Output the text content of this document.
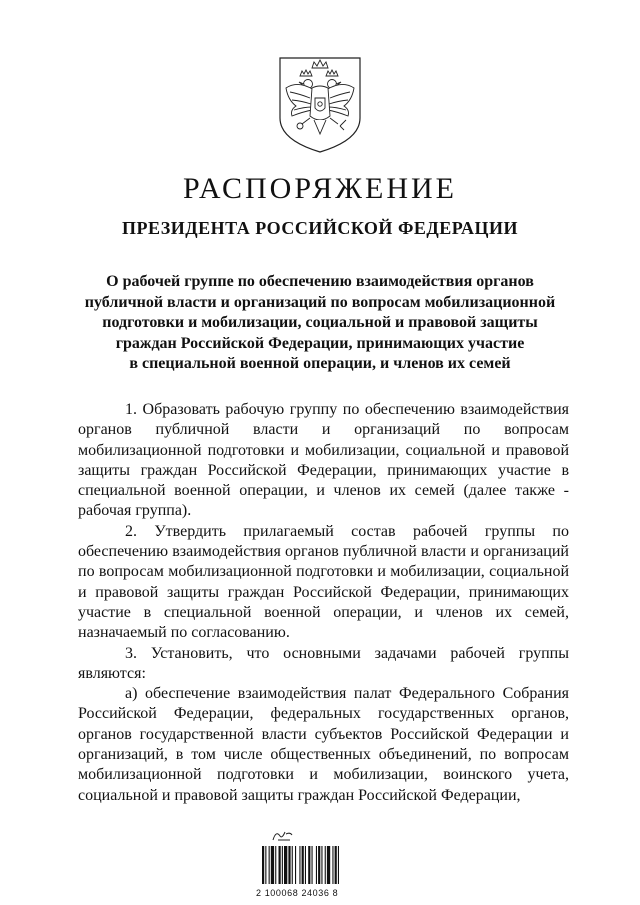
РАСПОРЯЖЕНИЕ
ПРЕЗИДЕНТА РОССИЙСКОЙ ФЕДЕРАЦИИ
О рабочей группе по обеспечению взаимодействия органов
публичной власти и организаций по вопросам мобилизационной
подготовки и мобилизации, социальной и правовой защиты
граждан Российской Федерации, принимающих участие
в специальной военной операции, и членов их семей

1. Образовать рабочую группу по обеспечению взаимодействия органов публичной власти и организаций по вопросам мобилизационной подготовки и мобилизации, социальной и правовой защиты граждан Российской Федерации, принимающих участие в специальной военной операции, и членов их семей (далее также - рабочая группа).

2. Утвердить прилагаемый состав рабочей группы по обеспечению взаимодействия органов публичной власти и организаций по вопросам мобилизационной подготовки и мобилизации, социальной и правовой защиты граждан Российской Федерации, принимающих участие в специальной военной операции, и членов их семей, назначаемый по согласованию.

3. Установить, что основными задачами рабочей группы являются:

а) обеспечение взаимодействия палат Федерального Собрания Российской Федерации, федеральных государственных органов, органов государственной власти субъектов Российской Федерации и организаций, в том числе общественных объединений, по вопросам мобилизационной подготовки и мобилизации, воинского учета, социальной и правовой защиты граждан Российской Федерации,

2 100068 24036 8
